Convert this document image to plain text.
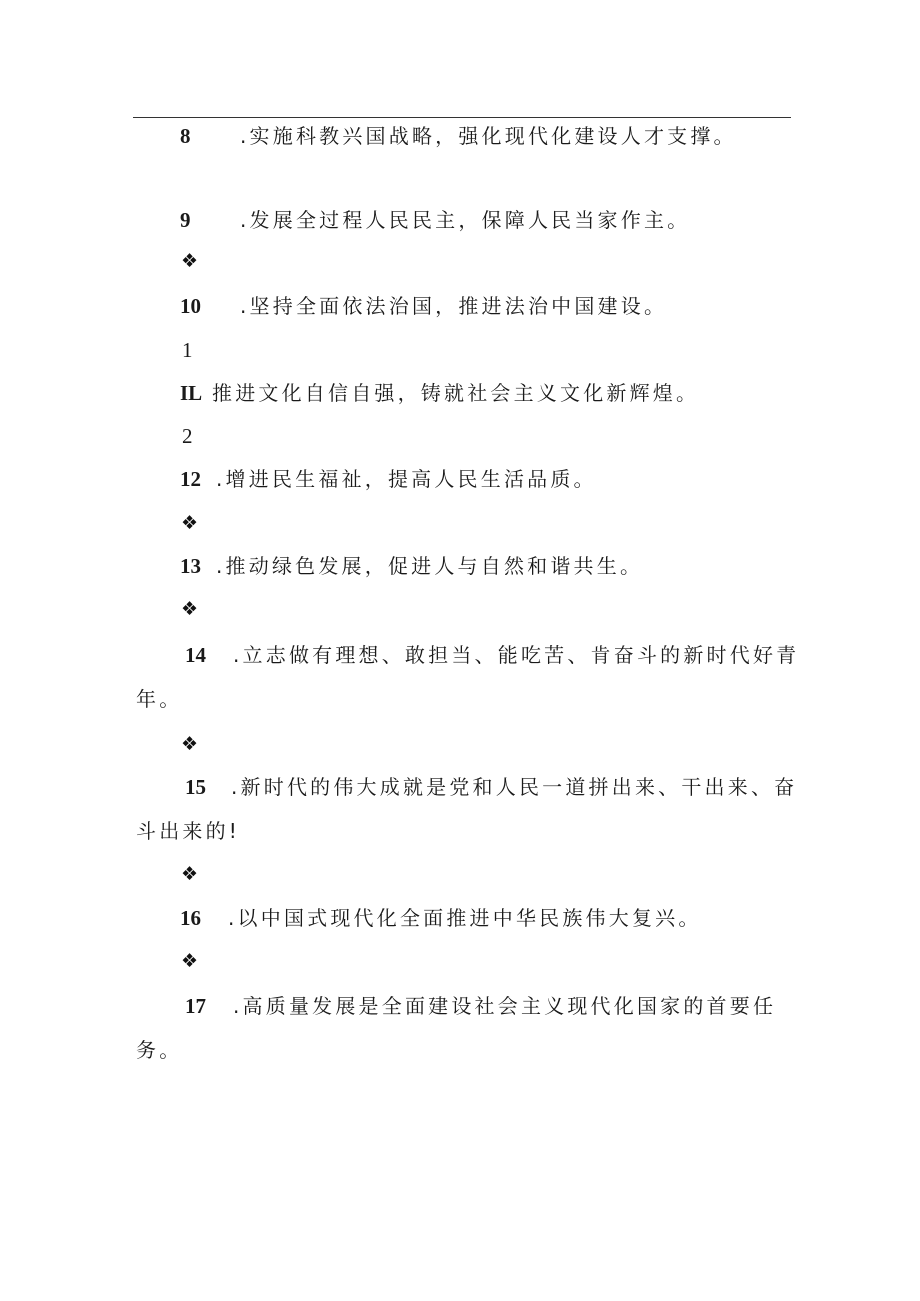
8 .实施科教兴国战略，强化现代化建设人才支撑。
9 .发展全过程人民民主，保障人民当家作主。
❖
10 .坚持全面依法治国，推进法治中国建设。
1
IL 推进文化自信自强，铸就社会主义文化新辉煌。
2
12 .增进民生福祉，提高人民生活品质。
❖
13 .推动绿色发展，促进人与自然和谐共生。
❖
14 .立志做有理想、敢担当、能吃苦、肯奋斗的新时代好青
年。
❖
15 .新时代的伟大成就是党和人民一道拼出来、干出来、奋
斗出来的!
❖
16 .以中国式现代化全面推进中华民族伟大复兴。
❖
17 .高质量发展是全面建设社会主义现代化国家的首要任
务。
